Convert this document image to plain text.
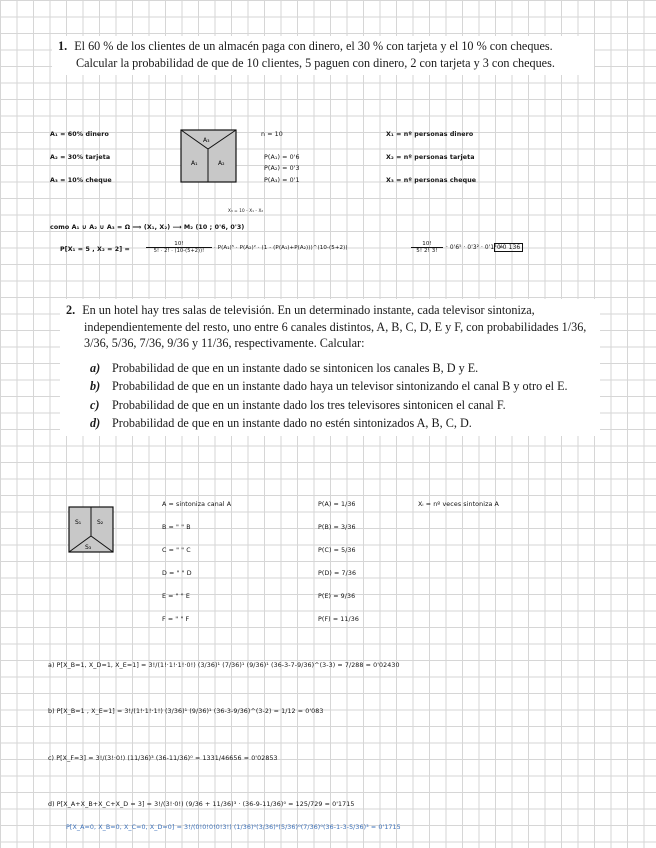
1. El 60 % de los clientes de un almacén paga con dinero, el 30 % con tarjeta y el 10 % con cheques. Calcular la probabilidad de que de 10 clientes, 5 paguen con dinero, 2 con tarjeta y 3 con cheques.
A₁ = 60% dinero
A₂ = 30% tarjeta
A₃ = 10% cheque
A₃
A₁	A₂
n = 10
P(A₁) = 0'6
P(A₂) = 0'3
P(A₃) = 0'1
X₁ = nº personas dinero
X₂ = nº personas tarjeta
X₃ = nº personas cheque
X₃ = 10 - X₁ - X₂
como A₁ ∪ A₂ ∪ A₃ = Ω ⟹ (X₁, X₂) ⟶ M₂ (10 ; 0'6, 0'3)
P[X₁ = 5 , X₂ = 2] =	$\frac{10!}{5! \cdot 2! \cdot (10-(5+2))!} \cdot P(A_1)^5 \cdot P(A_2)^2 \cdot (1$ - (P(A₁)+P(A₂)))^(10-(5+2))	$\frac{10!}{5! 2! 3!} \cdot 0'6^5 \cdot 0'3^2 \cdot 0'1^3$ =
0'0 136
2. En un hotel hay tres salas de televisión. En un determinado instante, cada televisor sintoniza, independientemente del resto, uno entre 6 canales distintos, A, B, C, D, E y F, con probabilidades 1/36, 3/36, 5/36, 7/36, 9/36 y 11/36, respectivamente. Calcular:
a) Probabilidad de que en un instante dado se sintonicen los canales B, D y E.
b) Probabilidad de que en un instante dado haya un televisor sintonizando el canal B y otro el E.
c) Probabilidad de que en un instante dado los tres televisores sintonicen el canal F.
d) Probabilidad de que en un instante dado no estén sintonizados A, B, C, D.
S₁	S₂
S₃
A = sintoniza canal A
B = " " B
C = " " C
D = " " D
E = " " E
F = " " F
P(A) = 1/36
P(B) = 3/36
P(C) = 5/36
P(D) = 7/36
P(E) = 9/36
P(F) = 11/36
Xᵢ = nº veces sintoniza A
a) P[X_B=1, X_D=1, X_E=1] = 3!/(1!·1!·1!·0!) (3/36)¹ (7/36)¹ (9/36)¹ (36-3-7-9/36)^(3-3) = 7/288 = 0'02430
b) P[X_B=1 , X_E=1] = 3!/(1!·1!·1!) (3/36)¹ (9/36)¹ (36-3-9/36)^(3-2) = 1/12 = 0'083
c) P[X_F=3] = 3!/(3!·0!) (11/36)³ (36-11/36)⁰ = 1331/46656 = 0'02853
d) P[X_A+X_B+X_C+X_D = 3] = 3!/(3!·0!) (9/36 + 11/36)³ · (36-9-11/36)⁰ = 125/729 = 0'1715
P[X_A=0, X_B=0, X_C=0, X_D=0] = 3!/(0!0!0!0!3!) (1/36)⁰(3/36)⁰(5/36)⁰(7/36)⁰(36-1-3-5/36)³ = 0'1715
